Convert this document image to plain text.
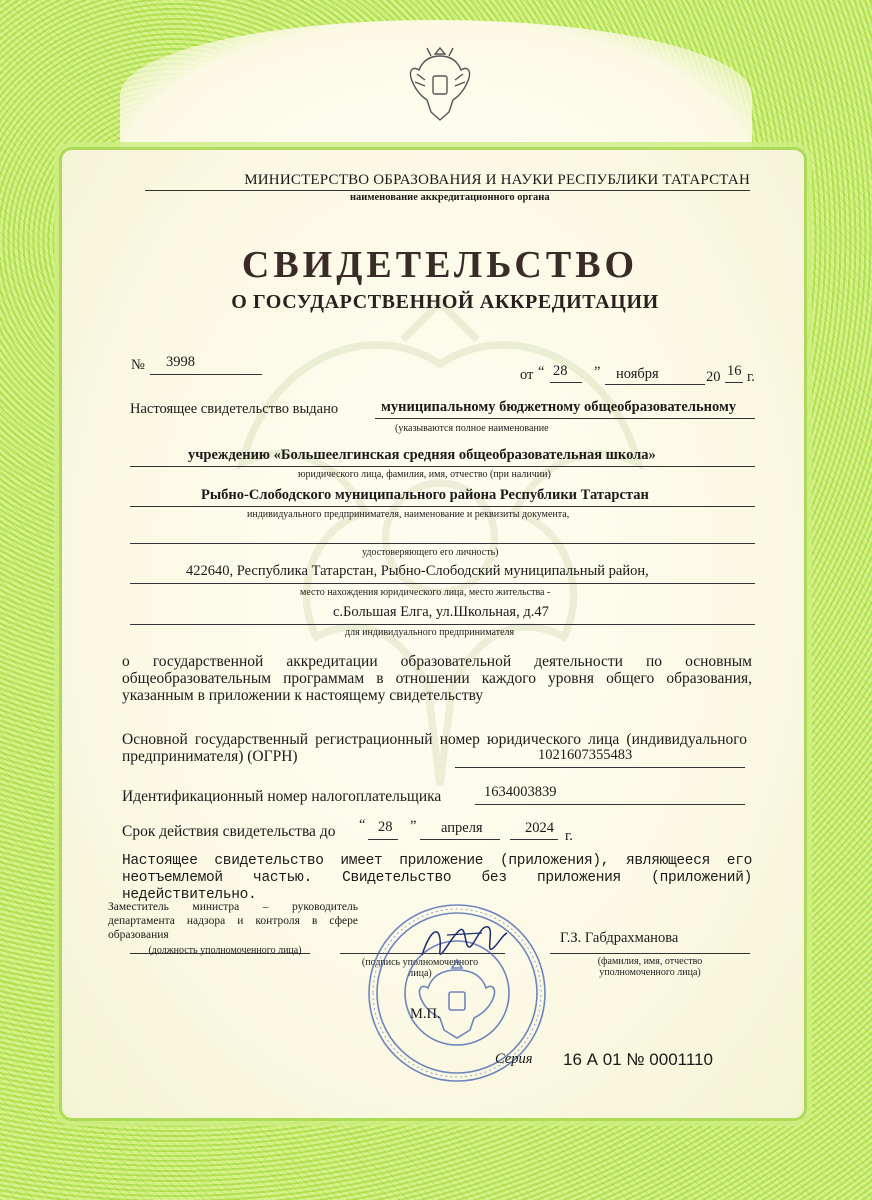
МИНИСТЕРСТВО ОБРАЗОВАНИЯ И НАУКИ РЕСПУБЛИКИ ТАТАРСТАН
наименование аккредитационного органа
СВИДЕТЕЛЬСТВО
О ГОСУДАРСТВЕННОЙ АККРЕДИТАЦИИ
№ 3998
от “ 28 ” ноября	20 16 г.
Настоящее свидетельство выдано	муниципальному бюджетному общеобразовательному
(указываются полное наименование
учреждению «Большеелгинская средняя общеобразовательная школа»
юридического лица, фамилия, имя, отчество (при наличии)
Рыбно-Слободского муниципального района Республики Татарстан
индивидуального предпринимателя, наименование и реквизиты документа,
удостоверяющего его личность)
422640, Республика Татарстан, Рыбно-Слободский муниципальный район,
место нахождения юридического лица, место жительства -
с.Большая Елга, ул.Школьная, д.47
для индивидуального предпринимателя
о государственной аккредитации образовательной деятельности по основным общеобразовательным программам в отношении каждого уровня общего образования, указанным в приложении к настоящему свидетельству
Основной государственный регистрационный номер юридического лица (индивидуального предпринимателя) (ОГРН)	1021607355483
Идентификационный номер налогоплательщика	1634003839
Срок действия свидетельства до “ 28 ” апреля	2024 г.
Настоящее свидетельство имеет приложение (приложения), являющееся его неотъемлемой частью. Свидетельство без приложения (приложений) недействительно.
Заместитель министра – руководитель департамента надзора и контроля в сфере образования
(должность уполномоченного лица)
(подпись уполномоченного лица)
Г.З. Габдрахманова
(фамилия, имя, отчество уполномоченного лица)
М.П.
Серия 16 А 01 № 0001110
